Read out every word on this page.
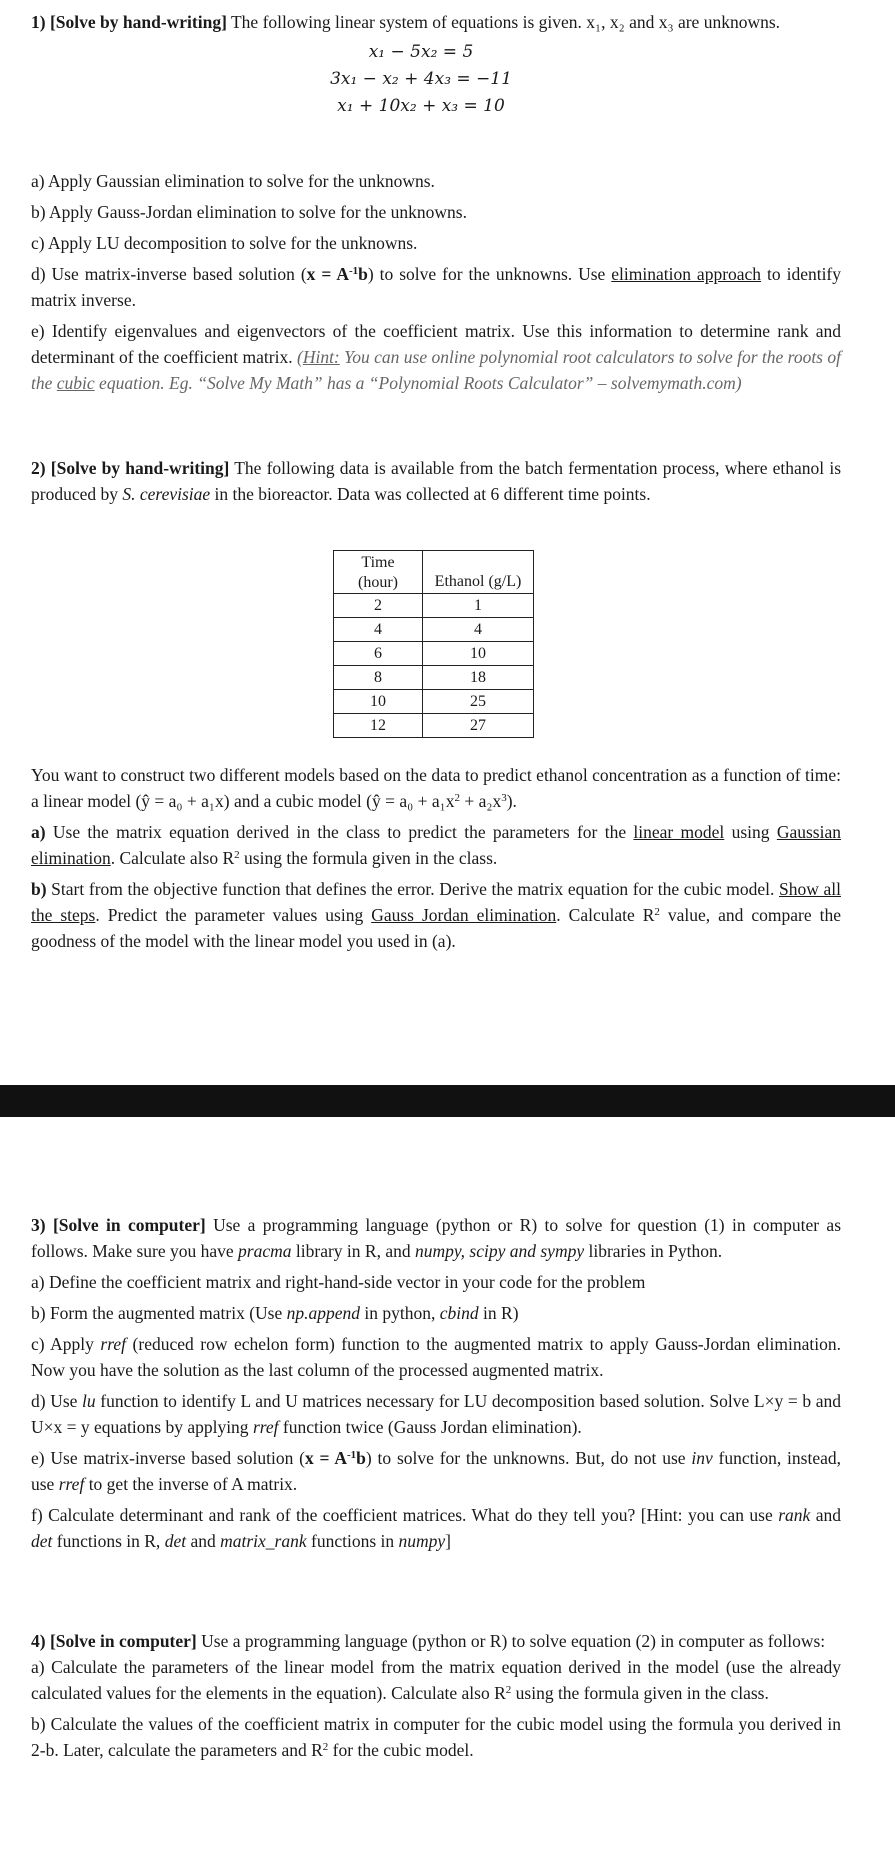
1) [Solve by hand-writing] The following linear system of equations is given. x₁, x₂ and x₃ are unknowns.

x₁ − 5x₂ = 5

3x₁ − x₂ + 4x₃ = −11

x₁ + 10x₂ + x₃ = 10

a) Apply Gaussian elimination to solve for the unknowns.

b) Apply Gauss-Jordan elimination to solve for the unknowns.

c) Apply LU decomposition to solve for the unknowns.

d) Use matrix-inverse based solution $(x = A^{-1}b)$ to solve for the unknowns. Use elimination approach to identify matrix inverse.

e) Identify eigenvalues and eigenvectors of the coefficient matrix. Use this information to determine rank and determinant of the coefficient matrix. (Hint: You can use online polynomial root calculators to solve for the roots of the cubic equation. Eg. “Solve My Math” has a “Polynomial Roots Calculator” – solvemymath.com)

2) [Solve by hand-writing] The following data is available from the batch fermentation process, where ethanol is produced by S. cerevisiae in the bioreactor. Data was collected at 6 different time points.

Time (hour)	Ethanol (g/L)
2	1
4	4
6	10
8	18
10	25
12	27

You want to construct two different models based on the data to predict ethanol concentration as a function of time: a linear model (ŷ = a₀ + a₁x) and a cubic model (ŷ = $a_0 + a_1x^2 + a_2x^3$).

a) Use the matrix equation derived in the class to predict the parameters for the linear model using Gaussian elimination. Calculate also $R^2$ using the formula given in the class.

b) Start from the objective function that defines the error. Derive the matrix equation for the cubic model. Show all the steps. Predict the parameter values using Gauss Jordan elimination. Calculate $R^2$ value, and compare the goodness of the model with the linear model you used in (a).

3) [Solve in computer] Use a programming language (python or R) to solve for question (1) in computer as follows. Make sure you have pracma library in R, and numpy, scipy and sympy libraries in Python.

a) Define the coefficient matrix and right-hand-side vector in your code for the problem

b) Form the augmented matrix (Use np.append in python, cbind in R)

c) Apply rref (reduced row echelon form) function to the augmented matrix to apply Gauss-Jordan elimination. Now you have the solution as the last column of the processed augmented matrix.

d) Use lu function to identify L and U matrices necessary for LU decomposition based solution. Solve L×y = b and U×x = y equations by applying rref function twice (Gauss Jordan elimination).

e) Use matrix-inverse based solution $(x = A^{-1}b)$ to solve for the unknowns. But, do not use inv function, instead, use rref to get the inverse of A matrix.

f) Calculate determinant and rank of the coefficient matrices. What do they tell you? [Hint: you can use rank and det functions in R, det and matrix_rank functions in numpy]

4) [Solve in computer] Use a programming language (python or R) to solve equation (2) in computer as follows:

a) Calculate the parameters of the linear model from the matrix equation derived in the model (use the already calculated values for the elements in the equation). Calculate also $R^2$ using the formula given in the class.

b) Calculate the values of the coefficient matrix in computer for the cubic model using the formula you derived in 2-b. Later, calculate the parameters and $R^2$ for the cubic model.
